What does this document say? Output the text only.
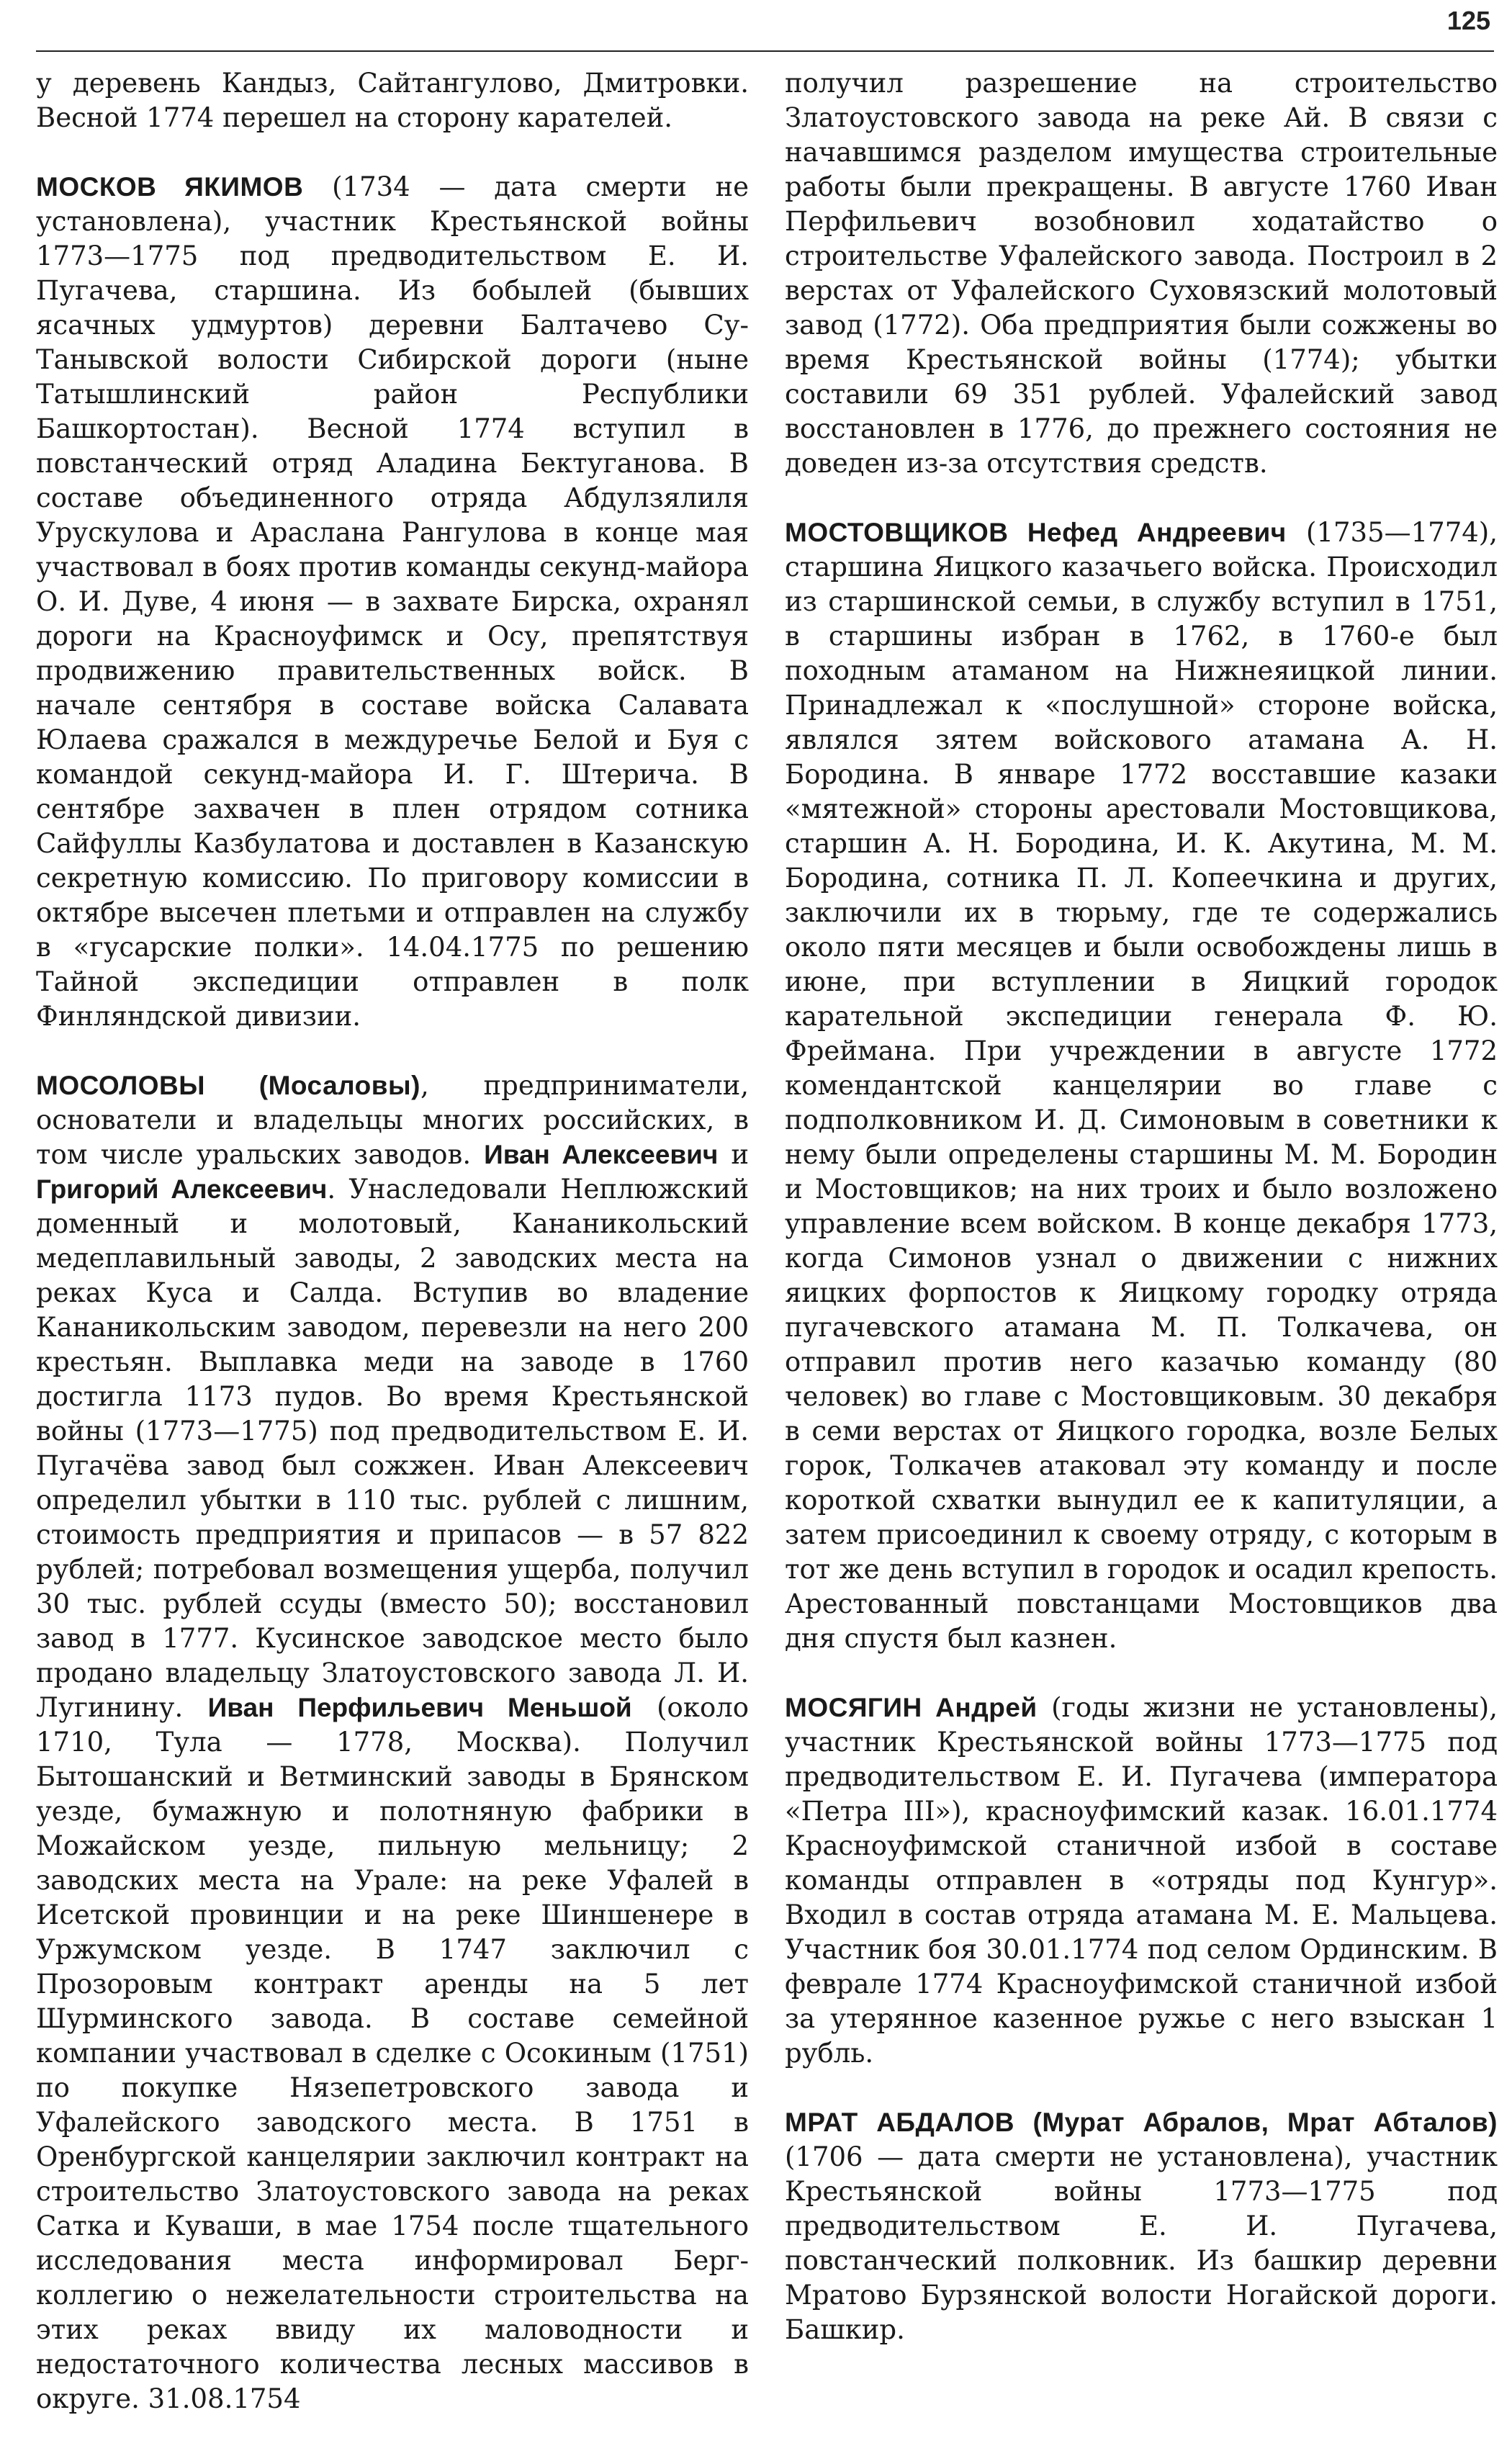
125

у деревень Кандыз, Сайтангулово, Дмитровки. Весной 1774 перешел на сторону карателей.

МОСКОВ ЯКИМОВ (1734 — дата смерти не установлена), участник Крестьянской войны 1773—1775 под предводительством Е. И. Пугачева, старшина. Из бобылей (бывших ясачных удмуртов) деревни Балтачево Су-Танывской волости Сибирской дороги (ныне Татышлинский район Республики Башкортостан). Весной 1774 вступил в повстанческий отряд Аладина Бектуганова. В составе объединенного отряда Абдулзялиля Урускулова и Арaслана Рангулова в конце мая участвовал в боях против команды секунд-майора О. И. Дуве, 4 июня — в захвате Бирска, охранял дороги на Красноуфимск и Осу, препятствуя продвижению правительственных войск. В начале сентября в составе войска Салавата Юлаева сражался в междуречье Белой и Буя с командой секунд-майора И. Г. Штерича. В сентябре захвачен в плен отрядом сотника Сайфуллы Казбулатова и доставлен в Казанскую секретную комиссию. По приговору комиссии в октябре высечен плетьми и отправлен на службу в «гусарские полки». 14.04.1775 по решению Тайной экспедиции отправлен в полк Финляндской дивизии.

МОСОЛОВЫ (Мосаловы), предприниматели, основатели и владельцы многих российских, в том числе уральских заводов. Иван Алексеевич и Григорий Алексеевич. Унаследовали Неплюжский доменный и молотовый, Кананикольский медеплавильный заводы, 2 заводских места на реках Куса и Салда. Вступив во владение Кананикольским заводом, перевезли на него 200 крестьян. Выплавка меди на заводе в 1760 достигла 1173 пудов. Во время Крестьянской войны (1773—1775) под предводительством Е. И. Пугачёва завод был сожжен. Иван Алексеевич определил убытки в 110 тыс. рублей с лишним, стоимость предприятия и припасов — в 57 822 рублей; потребовал возмещения ущерба, получил 30 тыс. рублей ссуды (вместо 50); восстановил завод в 1777. Кусинское заводское место было продано владельцу Златоустовского завода Л. И. Лугинину. Иван Перфильевич Меньшой (около 1710, Тула — 1778, Москва). Получил Бытошанский и Ветминский заводы в Брянском уезде, бумажную и полотняную фабрики в Можайском уезде, пильную мельницу; 2 заводских места на Урале: на реке Уфалей в Исетской провинции и на реке Шиншенере в Уржумском уезде. В 1747 заключил с Прозоровым контракт аренды на 5 лет Шурминского завода. В составе семейной компании участвовал в сделке с Осокиным (1751) по покупке Нязепетровского завода и Уфалейского заводского места. В 1751 в Оренбургской канцелярии заключил контракт на строительство Златоустовского завода на реках Сатка и Куваши, в мае 1754 после тщательного исследования места информировал Берг-коллегию о нежелательности строительства на этих реках ввиду их маловодности и недостаточного количества лесных массивов в округе. 31.08.1754

получил разрешение на строительство Златоустовского завода на реке Ай. В связи с начавшимся разделом имущества строительные работы были прекращены. В августе 1760 Иван Перфильевич возобновил ходатайство о строительстве Уфалейского завода. Построил в 2 верстах от Уфалейского Суховязский молотовый завод (1772). Оба предприятия были сожжены во время Крестьянской войны (1774); убытки составили 69 351 рублей. Уфалейский завод восстановлен в 1776, до прежнего состояния не доведен из-за отсутствия средств.

МОСТОВЩИКОВ Нефед Андреевич (1735—1774), старшина Яицкого казачьего войска. Происходил из старшинской семьи, в службу вступил в 1751, в старшины избран в 1762, в 1760-е был походным атаманом на Нижнеяицкой линии. Принадлежал к «послушной» стороне войска, являлся зятем войскового атамана А. Н. Бородина. В январе 1772 восставшие казаки «мятежной» стороны арестовали Мостовщикова, старшин А. Н. Бородина, И. К. Акутина, М. М. Бородина, сотника П. Л. Копеечкина и других, заключили их в тюрьму, где те содержались около пяти месяцев и были освобождены лишь в июне, при вступлении в Яицкий городок карательной экспедиции генерала Ф. Ю. Фреймана. При учреждении в августе 1772 комендантской канцелярии во главе с подполковником И. Д. Симоновым в советники к нему были определены старшины М. М. Бородин и Мостовщиков; на них троих и было возложено управление всем войском. В конце декабря 1773, когда Симонов узнал о движении с нижних яицких форпостов к Яицкому городку отряда пугачевского атамана М. П. Толкачева, он отправил против него казачью команду (80 человек) во главе с Мостовщиковым. 30 декабря в семи верстах от Яицкого городка, возле Белых горок, Толкачев атаковал эту команду и после короткой схватки вынудил ее к капитуляции, а затем присоединил к своему отряду, с которым в тот же день вступил в городок и осадил крепость. Арестованный повстанцами Мостовщиков два дня спустя был казнен.

МОСЯГИН Андрей (годы жизни не установлены), участник Крестьянской войны 1773—1775 под предводительством Е. И. Пугачева (императора «Петра III»), красноуфимский казак. 16.01.1774 Красноуфимской станичной избой в составе команды отправлен в «отряды под Кунгур». Входил в состав отряда атамана М. Е. Мальцева. Участник боя 30.01.1774 под селом Ординским. В феврале 1774 Красноуфимской станичной избой за утерянное казенное ружье с него взыскан 1 рубль.

МРАТ АБДАЛОВ (Мурат Абралов, Мрат Абталов) (1706 — дата смерти не установлена), участник Крестьянской войны 1773—1775 под предводительством Е. И. Пугачева, повстанческий полковник. Из башкир деревни Мратово Бурзянской волости Ногайской дороги. Башкир.
